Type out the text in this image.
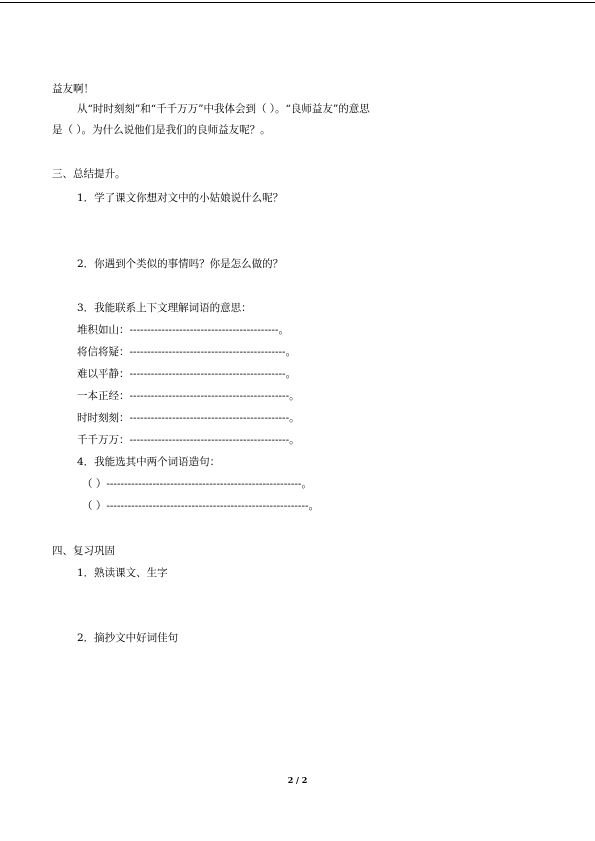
益友啊！
从“时时刻刻”和“千千万万”中我体会到（ ）。“良师益友”的意思
是（ ）。为什么说他们是我们的良师益友呢？。
三、总结提升。
1．学了课文你想对文中的小姑娘说什么呢？
2．你遇到个类似的事情吗？你是怎么做的？
3．我能联系上下文理解词语的意思：
堆积如山：------------------------------------------。
将信将疑：--------------------------------------------。
难以平静：--------------------------------------------。
一本正经：---------------------------------------------。
时时刻刻：---------------------------------------------。
千千万万：---------------------------------------------。
4．我能选其中两个词语造句：
（ ）-------------------------------------------------------。
（ ）---------------------------------------------------------。
四、复习巩固
1．熟读课文、生字
2．摘抄文中好词佳句
2 / 2
